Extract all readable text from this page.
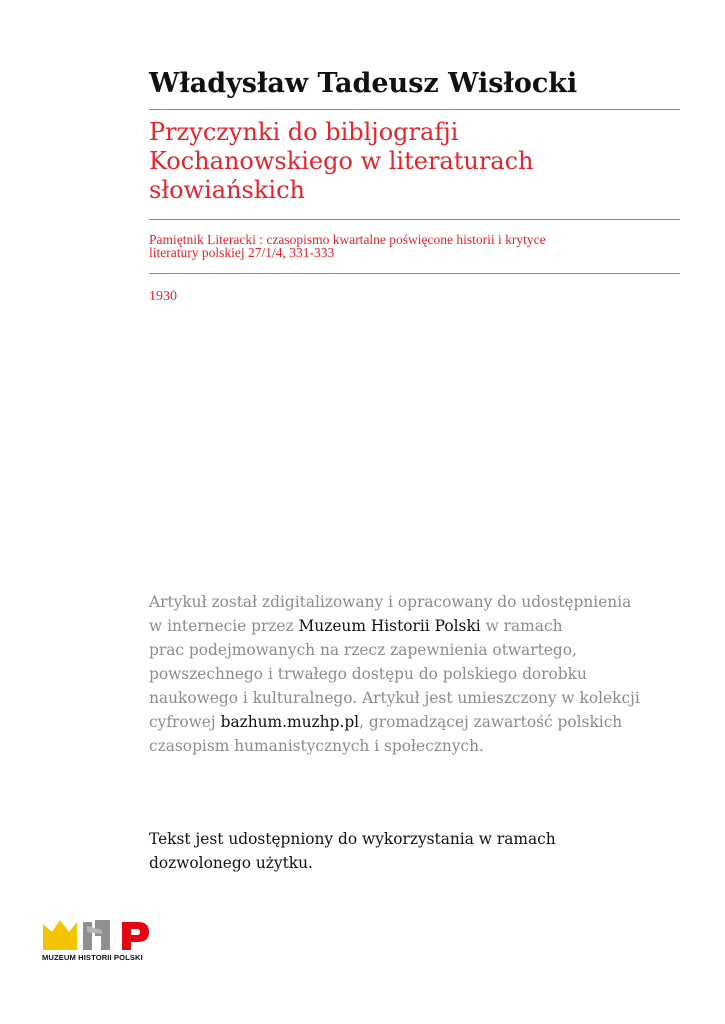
Władysław Tadeusz Wisłocki
Przyczynki do bibljografji
Kochanowskiego w literaturach
słowiańskich
Pamiętnik Literacki : czasopismo kwartalne poświęcone historii i krytyce
literatury polskiej 27/1/4, 331-333
1930
Artykuł został zdigitalizowany i opracowany do udostępnienia
w internecie przez Muzeum Historii Polski w ramach
prac podejmowanych na rzecz zapewnienia otwartego,
powszechnego i trwałego dostępu do polskiego dorobku
naukowego i kulturalnego. Artykuł jest umieszczony w kolekcji
cyfrowej bazhum.muzhp.pl, gromadzącej zawartość polskich
czasopism humanistycznych i społecznych.
Tekst jest udostępniony do wykorzystania w ramach
dozwolonego użytku.
MUZEUM HISTORII POLSKI
